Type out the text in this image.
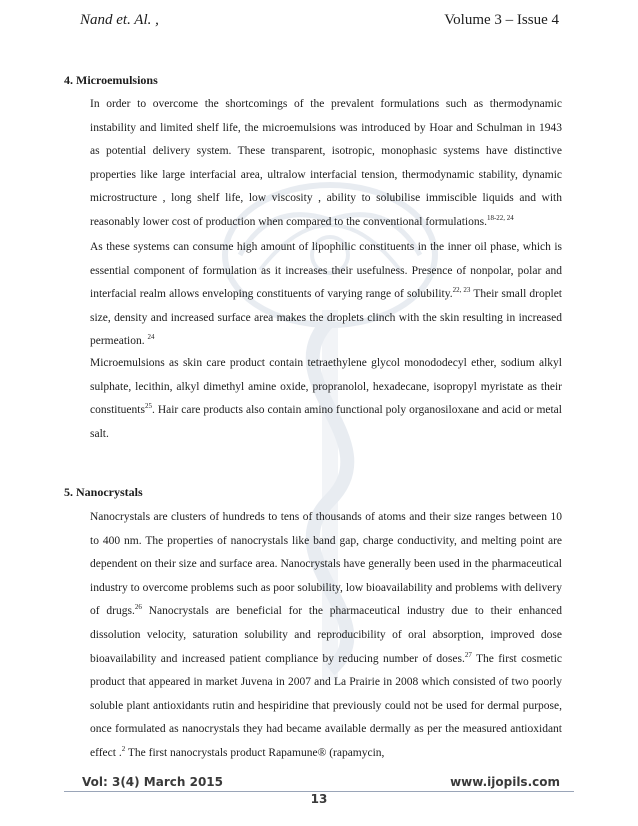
Nand et. Al. ,	Volume 3 – Issue 4
4. Microemulsions

In order to overcome the shortcomings of the prevalent formulations such as thermodynamic instability and limited shelf life, the microemulsions was introduced by Hoar and Schulman in 1943 as potential delivery system. These transparent, isotropic, monophasic systems have distinctive properties like large interfacial area, ultralow interfacial tension, thermodynamic stability, dynamic microstructure , long shelf life, low viscosity , ability to solubilise immiscible liquids and with reasonably lower cost of production when compared to the conventional formulations.$^{18-22, 24}$

As these systems can consume high amount of lipophilic constituents in the inner oil phase, which is essential component of formulation as it increases their usefulness. Presence of nonpolar, polar and interfacial realm allows enveloping constituents of varying range of solubility.$^{22, 23}$ Their small droplet size, density and increased surface area makes the droplets clinch with the skin resulting in increased permeation. $^{24}$

Microemulsions as skin care product contain tetraethylene glycol monododecyl ether, sodium alkyl sulphate, lecithin, alkyl dimethyl amine oxide, propranolol, hexadecane, isopropyl myristate as their constituents$^{25}$. Hair care products also contain amino functional poly organosiloxane and acid or metal salt.

5. Nanocrystals

Nanocrystals are clusters of hundreds to tens of thousands of atoms and their size ranges between 10 to 400 nm. The properties of nanocrystals like band gap, charge conductivity, and melting point are dependent on their size and surface area. Nanocrystals have generally been used in the pharmaceutical industry to overcome problems such as poor solubility, low bioavailability and problems with delivery of drugs.$^{26}$ Nanocrystals are beneficial for the pharmaceutical industry due to their enhanced dissolution velocity, saturation solubility and reproducibility of oral absorption, improved dose bioavailability and increased patient compliance by reducing number of doses.$^{27}$ The first cosmetic product that appeared in market Juvena in 2007 and La Prairie in 2008 which consisted of two poorly soluble plant antioxidants rutin and hespiridine that previously could not be used for dermal purpose, once formulated as nanocrystals they had became available dermally as per the measured antioxidant effect .$^2$ The first nanocrystals product Rapamune® (rapamycin,

Vol: 3(4) March 2015	www.ijopils.com
13
